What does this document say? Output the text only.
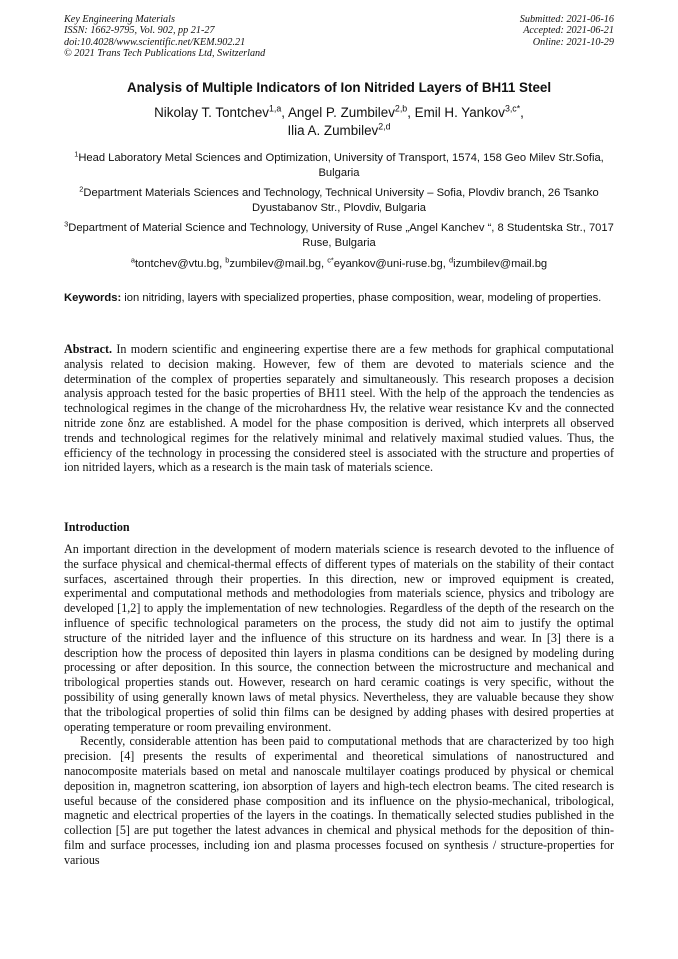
Key Engineering Materials
ISSN: 1662-9795, Vol. 902, pp 21-27
doi:10.4028/www.scientific.net/KEM.902.21
© 2021 Trans Tech Publications Ltd, Switzerland
Submitted: 2021-06-16
Accepted: 2021-06-21
Online: 2021-10-29
Analysis of Multiple Indicators of Ion Nitrided Layers of BH11 Steel
Nikolay T. Tontchev$^{1,a}$, Angel P. Zumbilev$^{2,b}$, Emil H. Yankov$^{3,c*}$,
Ilia A. Zumbilev$^{2,d}$
$^1$Head Laboratory Metal Sciences and Optimization, University of Transport, 1574, 158 Geo Milev Str.Sofia, Bulgaria
$^2$Department Materials Sciences and Technology, Technical University – Sofia, Plovdiv branch, 26 Tsanko Dyustabanov Str., Plovdiv, Bulgaria
$^3$Department of Material Science and Technology, University of Ruse „Angel Kanchev “, 8 Studentska Str., 7017 Ruse, Bulgaria
$^a$tontchev@vtu.bg, $^b$zumbilev@mail.bg, $^{c*}$eyankov@uni-ruse.bg, $^d$izumbilev@mail.bg
Keywords: ion nitriding, layers with specialized properties, phase composition, wear, modeling of properties.
Abstract. In modern scientific and engineering expertise there are a few methods for graphical computational analysis related to decision making. However, few of them are devoted to materials science and the determination of the complex of properties separately and simultaneously. This research proposes a decision analysis approach tested for the basic properties of BH11 steel. With the help of the approach the tendencies as technological regimes in the change of the microhardness Hv, the relative wear resistance Kv and the connected nitride zone δnz are established. A model for the phase composition is derived, which interprets all observed trends and technological regimes for the relatively minimal and relatively maximal studied values. Thus, the efficiency of the technology in processing the considered steel is associated with the structure and properties of ion nitrided layers, which as a research is the main task of materials science.
Introduction
An important direction in the development of modern materials science is research devoted to the influence of the surface physical and chemical-thermal effects of different types of materials on the stability of their contact surfaces, ascertained through their properties. In this direction, new or improved equipment is created, experimental and computational methods and methodologies from materials science, physics and tribology are developed [1,2] to apply the implementation of new technologies. Regardless of the depth of the research on the influence of specific technological parameters on the process, the study did not aim to justify the optimal structure of the nitrided layer and the influence of this structure on its hardness and wear. In [3] there is a description how the process of deposited thin layers in plasma conditions can be designed by modeling during processing or after deposition. In this source, the connection between the microstructure and mechanical and tribological properties stands out. However, research on hard ceramic coatings is very specific, without the possibility of using generally known laws of metal physics. Nevertheless, they are valuable because they show that the tribological properties of solid thin films can be designed by adding phases with desired properties at operating temperature or room prevailing environment.
Recently, considerable attention has been paid to computational methods that are characterized by too high precision. [4] presents the results of experimental and theoretical simulations of nanostructured and nanocomposite materials based on metal and nanoscale multilayer coatings produced by physical or chemical deposition in, magnetron scattering, ion absorption of layers and high-tech electron beams. The cited research is useful because of the considered phase composition and its influence on the physio-mechanical, tribological, magnetic and electrical properties of the layers in the coatings. In thematically selected studies published in the collection [5] are put together the latest advances in chemical and physical methods for the deposition of thin-film and surface processes, including ion and plasma processes focused on synthesis / structure-properties for various
